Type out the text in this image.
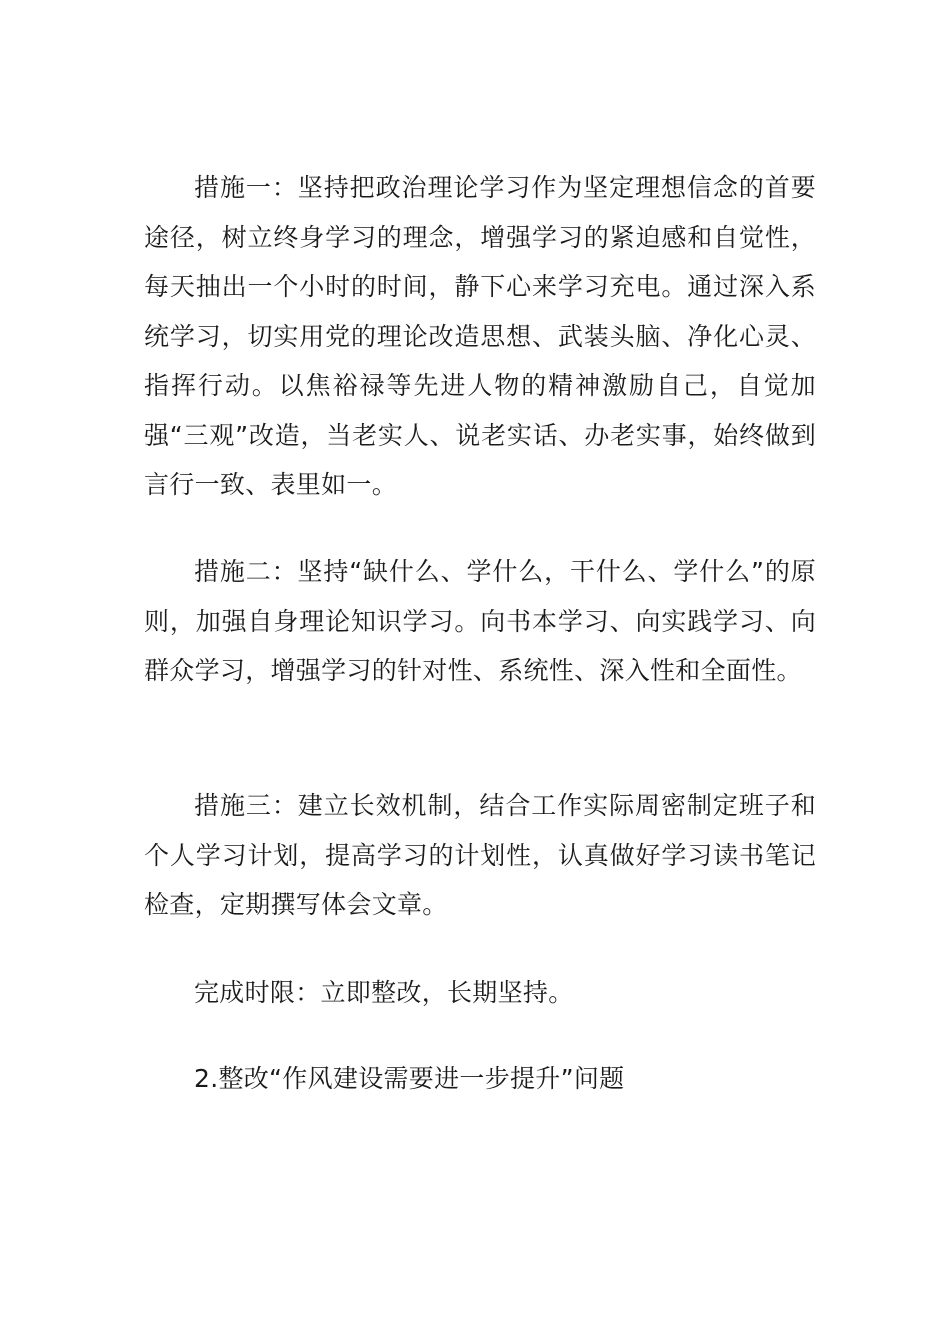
措施一：坚持把政治理论学习作为坚定理想信念的首要途径，树立终身学习的理念，增强学习的紧迫感和自觉性，每天抽出一个小时的时间，静下心来学习充电。通过深入系统学习，切实用党的理论改造思想、武装头脑、净化心灵、指挥行动。以焦裕禄等先进人物的精神激励自己，自觉加强“三观”改造，当老实人、说老实话、办老实事，始终做到言行一致、表里如一。

措施二：坚持“缺什么、学什么，干什么、学什么”的原则，加强自身理论知识学习。向书本学习、向实践学习、向群众学习，增强学习的针对性、系统性、深入性和全面性。

措施三：建立长效机制，结合工作实际周密制定班子和个人学习计划，提高学习的计划性，认真做好学习读书笔记检查，定期撰写体会文章。

完成时限：立即整改，长期坚持。

2.整改“作风建设需要进一步提升”问题
